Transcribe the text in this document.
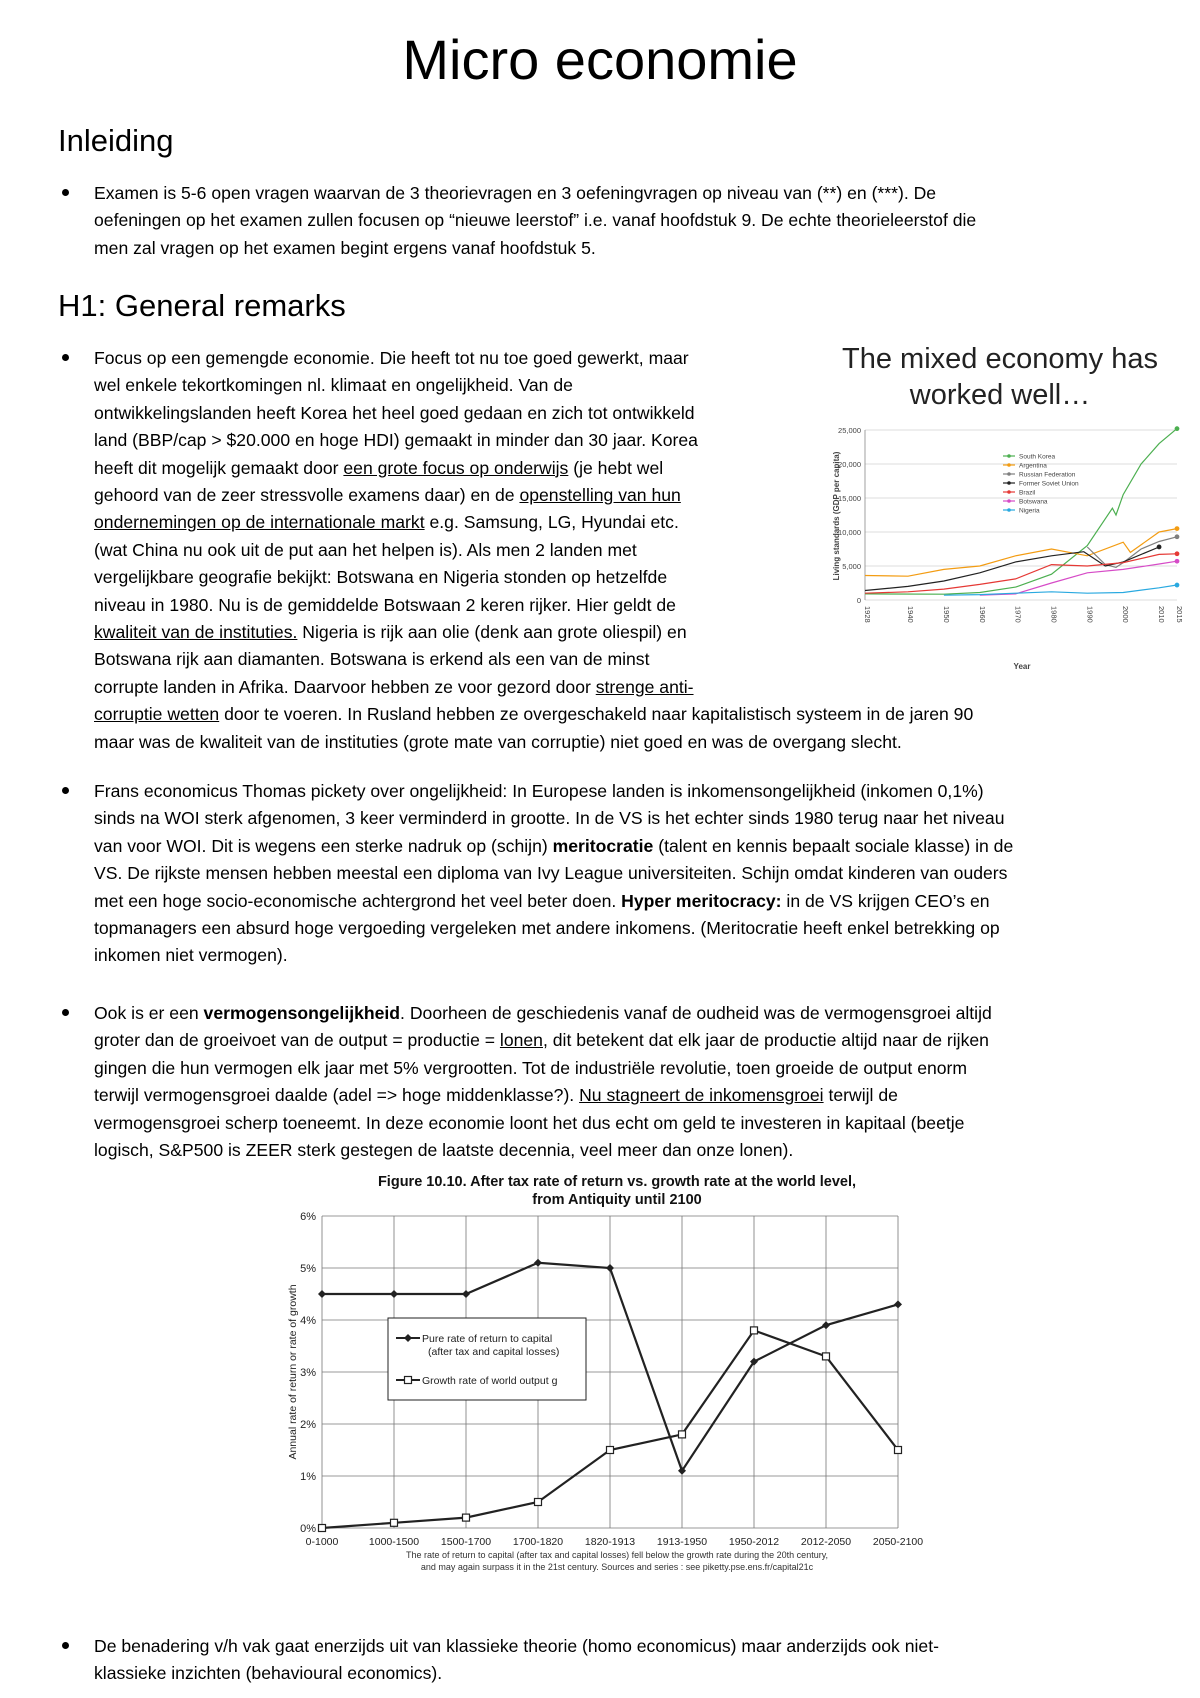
Micro economie
Inleiding

Examen is 5-6 open vragen waarvan de 3 theorievragen en 3 oefeningvragen op niveau van (**) en (***). De

oefeningen op het examen zullen focusen op “nieuwe leerstof” i.e. vanaf hoofdstuk 9. De echte theorieleerstof die

men zal vragen op het examen begint ergens vanaf hoofdstuk 5.

H1: General remarks

Focus op een gemengde economie. Die heeft tot nu toe goed gewerkt, maar

wel enkele tekortkomingen nl. klimaat en ongelijkheid. Van de

ontwikkelingslanden heeft Korea het heel goed gedaan en zich tot ontwikkeld

land (BBP/cap > $20.000 en hoge HDI) gemaakt in minder dan 30 jaar. Korea

heeft dit mogelijk gemaakt door een grote focus op onderwijs (je hebt wel

gehoord van de zeer stressvolle examens daar) en de openstelling van hun

ondernemingen op de internationale markt e.g. Samsung, LG, Hyundai etc.

(wat China nu ook uit de put aan het helpen is). Als men 2 landen met

vergelijkbare geografie bekijkt: Botswana en Nigeria stonden op hetzelfde

niveau in 1980. Nu is de gemiddelde Botswaan 2 keren rijker. Hier geldt de

kwaliteit van de instituties. Nigeria is rijk aan olie (denk aan grote oliespil) en

Botswana rijk aan diamanten. Botswana is erkend als een van de minst

corrupte landen in Afrika. Daarvoor hebben ze voor gezord door strenge anti-

corruptie wetten door te voeren. In Rusland hebben ze overgeschakeld naar kapitalistisch systeem in de jaren 90

maar was de kwaliteit van de instituties (grote mate van corruptie) niet goed en was de overgang slecht.

The mixed economy has
0
5,000
10,000
15,000
20,000
25,000
1928	1940	1950	1960	1970	1980	1990	2000	2010 2015
Year
Living standards (GDP per capita)	South Korea
Argentina
Russian Federation
Former Soviet Union
Brazil
Botswana
Nigeria
worked well…

Frans economicus Thomas pickety over ongelijkheid: In Europese landen is inkomensongelijkheid (inkomen 0,1%)

sinds na WOI sterk afgenomen, 3 keer verminderd in grootte. In de VS is het echter sinds 1980 terug naar het niveau

van voor WOI. Dit is wegens een sterke nadruk op (schijn) meritocratie (talent en kennis bepaalt sociale klasse) in de

VS. De rijkste mensen hebben meestal een diploma van Ivy League universiteiten. Schijn omdat kinderen van ouders

met een hoge socio-economische achtergrond het veel beter doen. Hyper meritocracy: in de VS krijgen CEO’s en

topmanagers een absurd hoge vergoeding vergeleken met andere inkomens. (Meritocratie heeft enkel betrekking op

inkomen niet vermogen).

Ook is er een vermogensongelijkheid. Doorheen de geschiedenis vanaf de oudheid was de vermogensgroei altijd

groter dan de groeivoet van de output = productie = lonen, dit betekent dat elk jaar de productie altijd naar de rijken

gingen die hun vermogen elk jaar met 5% vergrootten. Tot de industriële revolutie, toen groeide de output enorm

terwijl vermogensgroei daalde (adel => hoge middenklasse?). Nu stagneert de inkomensgroei terwijl de

vermogensgroei scherp toeneemt. In deze economie loont het dus echt om geld te investeren in kapitaal (beetje

logisch, S&P500 is ZEER sterk gestegen de laatste decennia, veel meer dan onze lonen).

Figure 10.10. After tax rate of return vs. growth rate at the world level,
from Antiquity until 2100
0%
1%
2%
3%
4%
5%
6%
0-1000	1000-1500 1500-1700 1700-1820 1820-1913 1913-1950 1950-2012 2012-2050 2050-2100
Annual rate of return or rate of growth	Pure rate of return to capital
(after tax and capital losses)
Growth rate of world output g
The rate of return to capital (after tax and capital losses) fell below the growth rate during the 20th century,
and may again surpass it in the 21st century. Sources and series : see piketty.pse.ens.fr/capital21c

De benadering v/h vak gaat enerzijds uit van klassieke theorie (homo economicus) maar anderzijds ook niet-

klassieke inzichten (behavioural economics).
